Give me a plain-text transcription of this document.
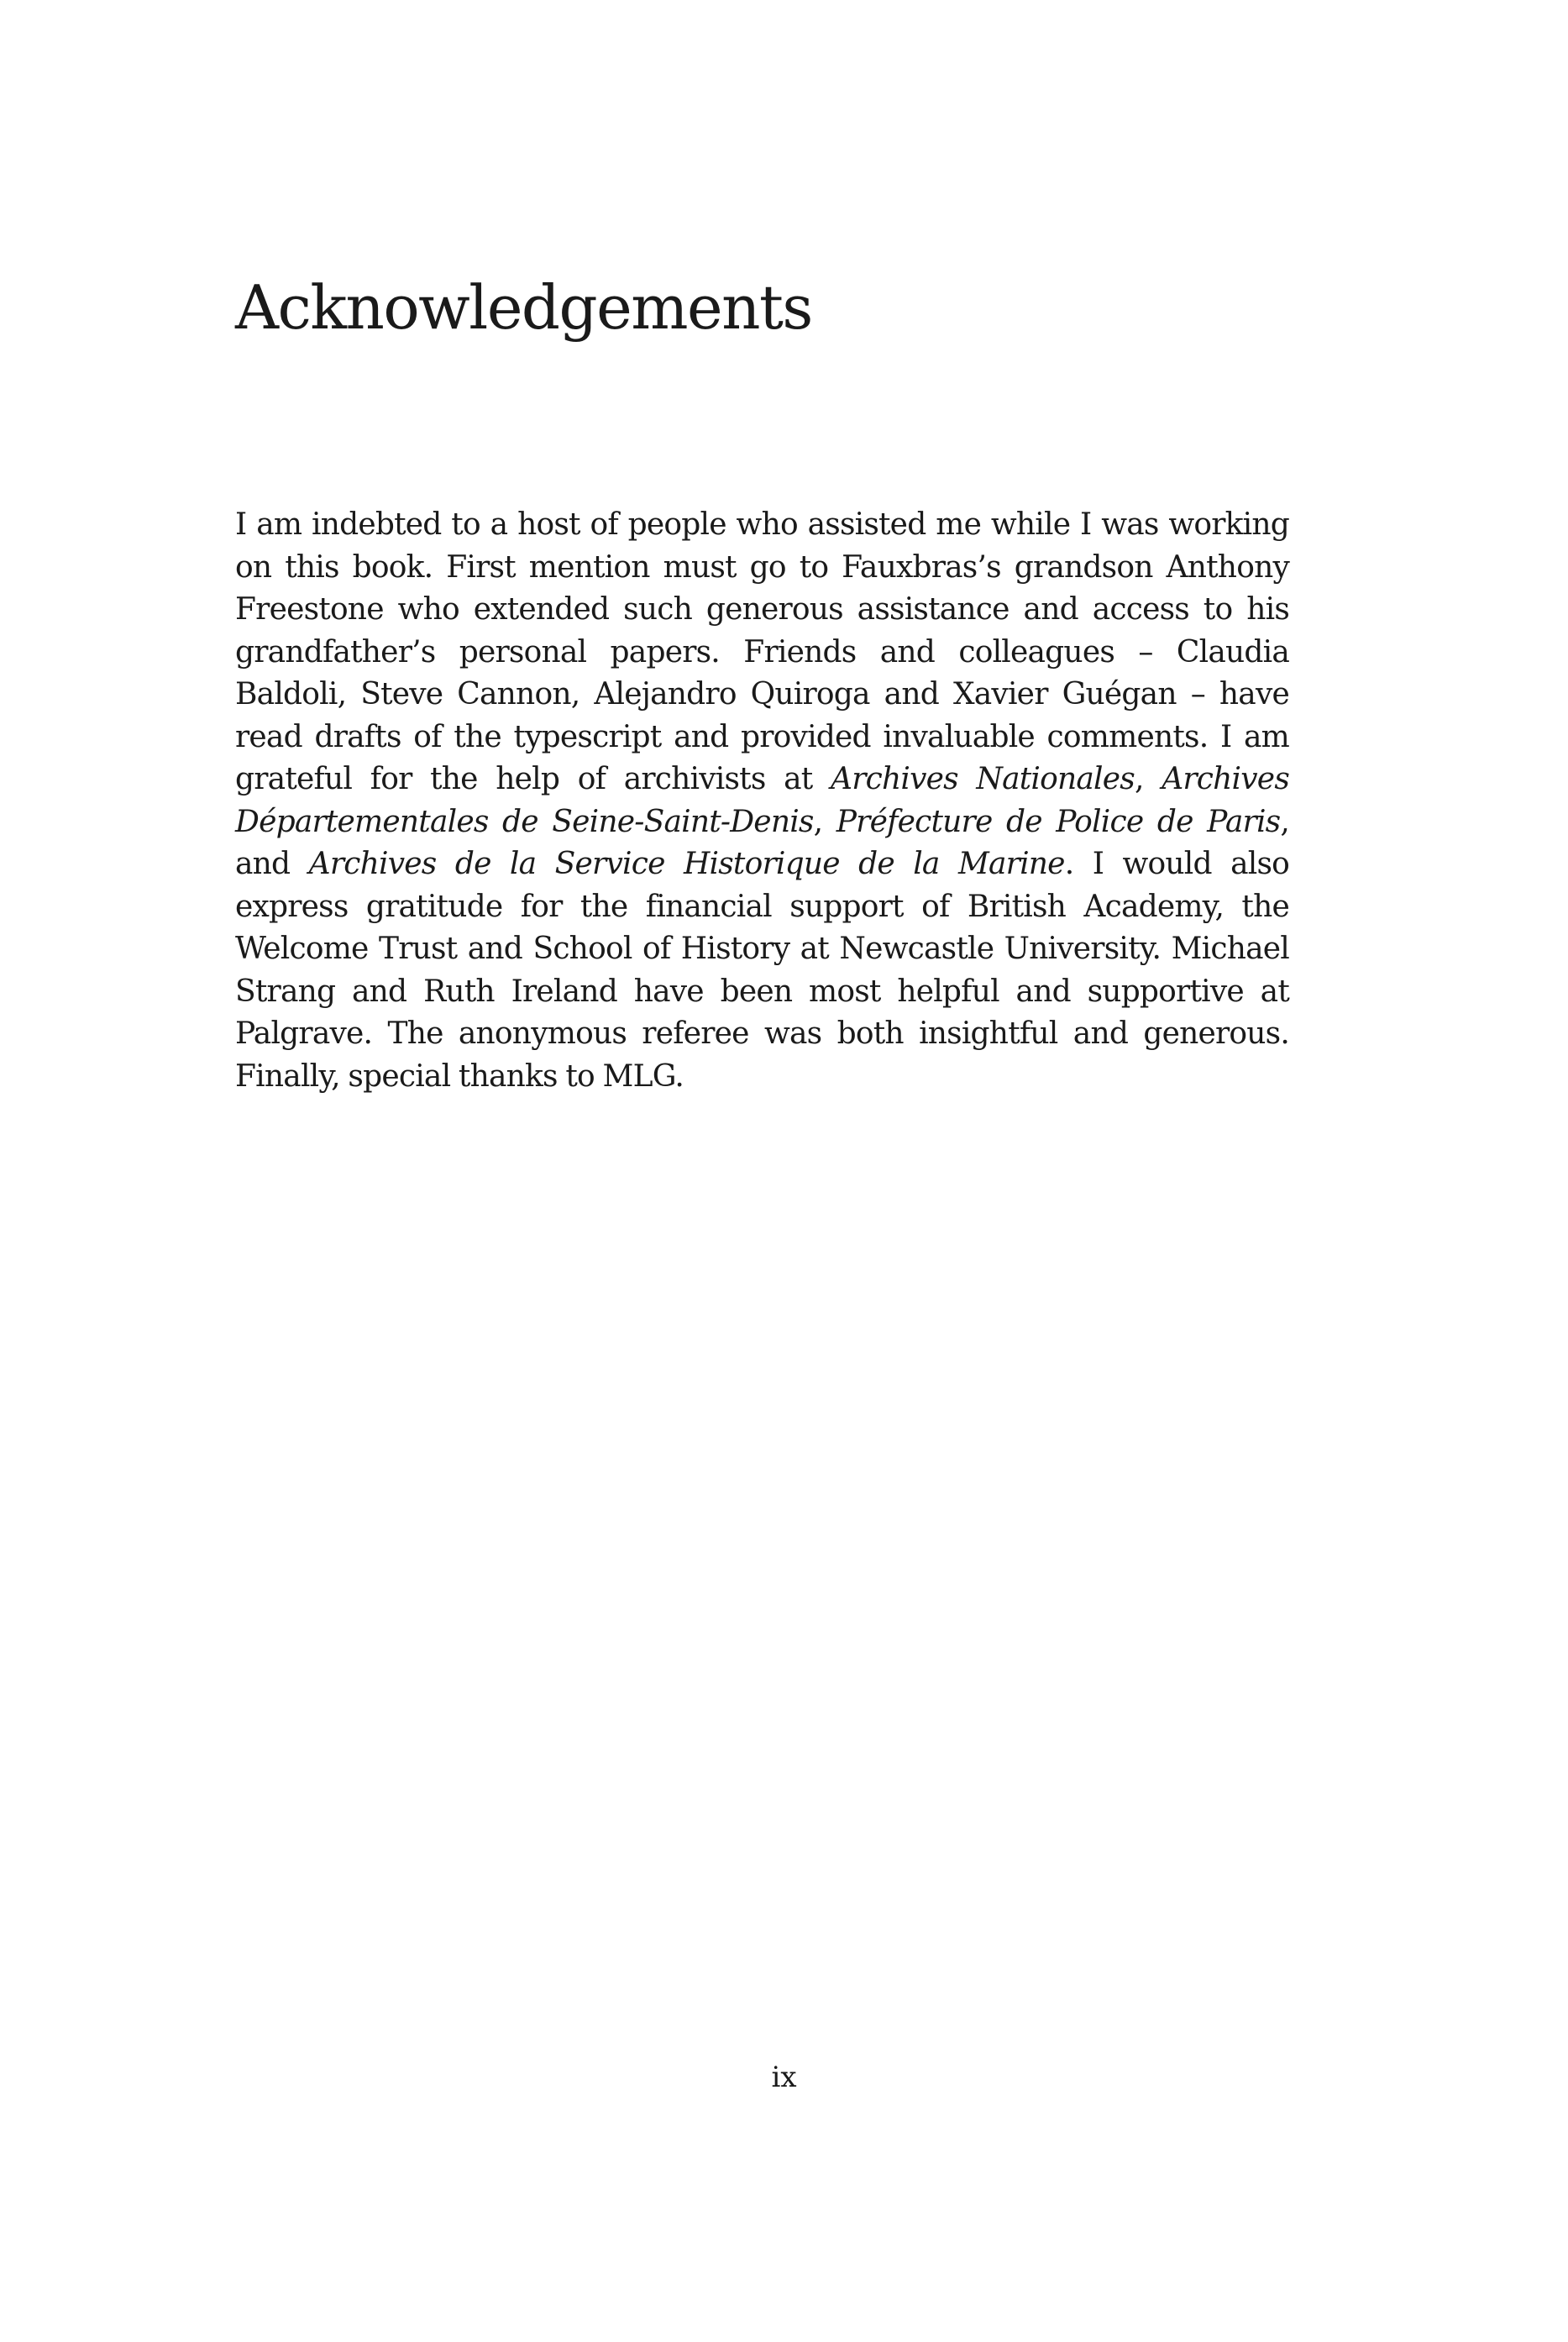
Acknowledgements

I am indebted to a host of people who assisted me while I was working on this book. First mention must go to Fauxbras’s grandson Anthony Freestone who extended such generous assistance and access to his grandfather’s personal papers. Friends and colleagues – Claudia Baldoli, Steve Cannon, Alejandro Quiroga and Xavier Guégan – have read drafts of the typescript and provided invaluable comments. I am grateful for the help of archivists at Archives Nationales, Archives Départementales de Seine-Saint-Denis, Préfecture de Police de Paris, and Archives de la Service Historique de la Marine. I would also express gratitude for the financial support of British Academy, the Welcome Trust and School of History at Newcastle University. Michael Strang and Ruth Ireland have been most helpful and supportive at Palgrave. The anonymous referee was both insightful and generous. Finally, special thanks to MLG.

ix
